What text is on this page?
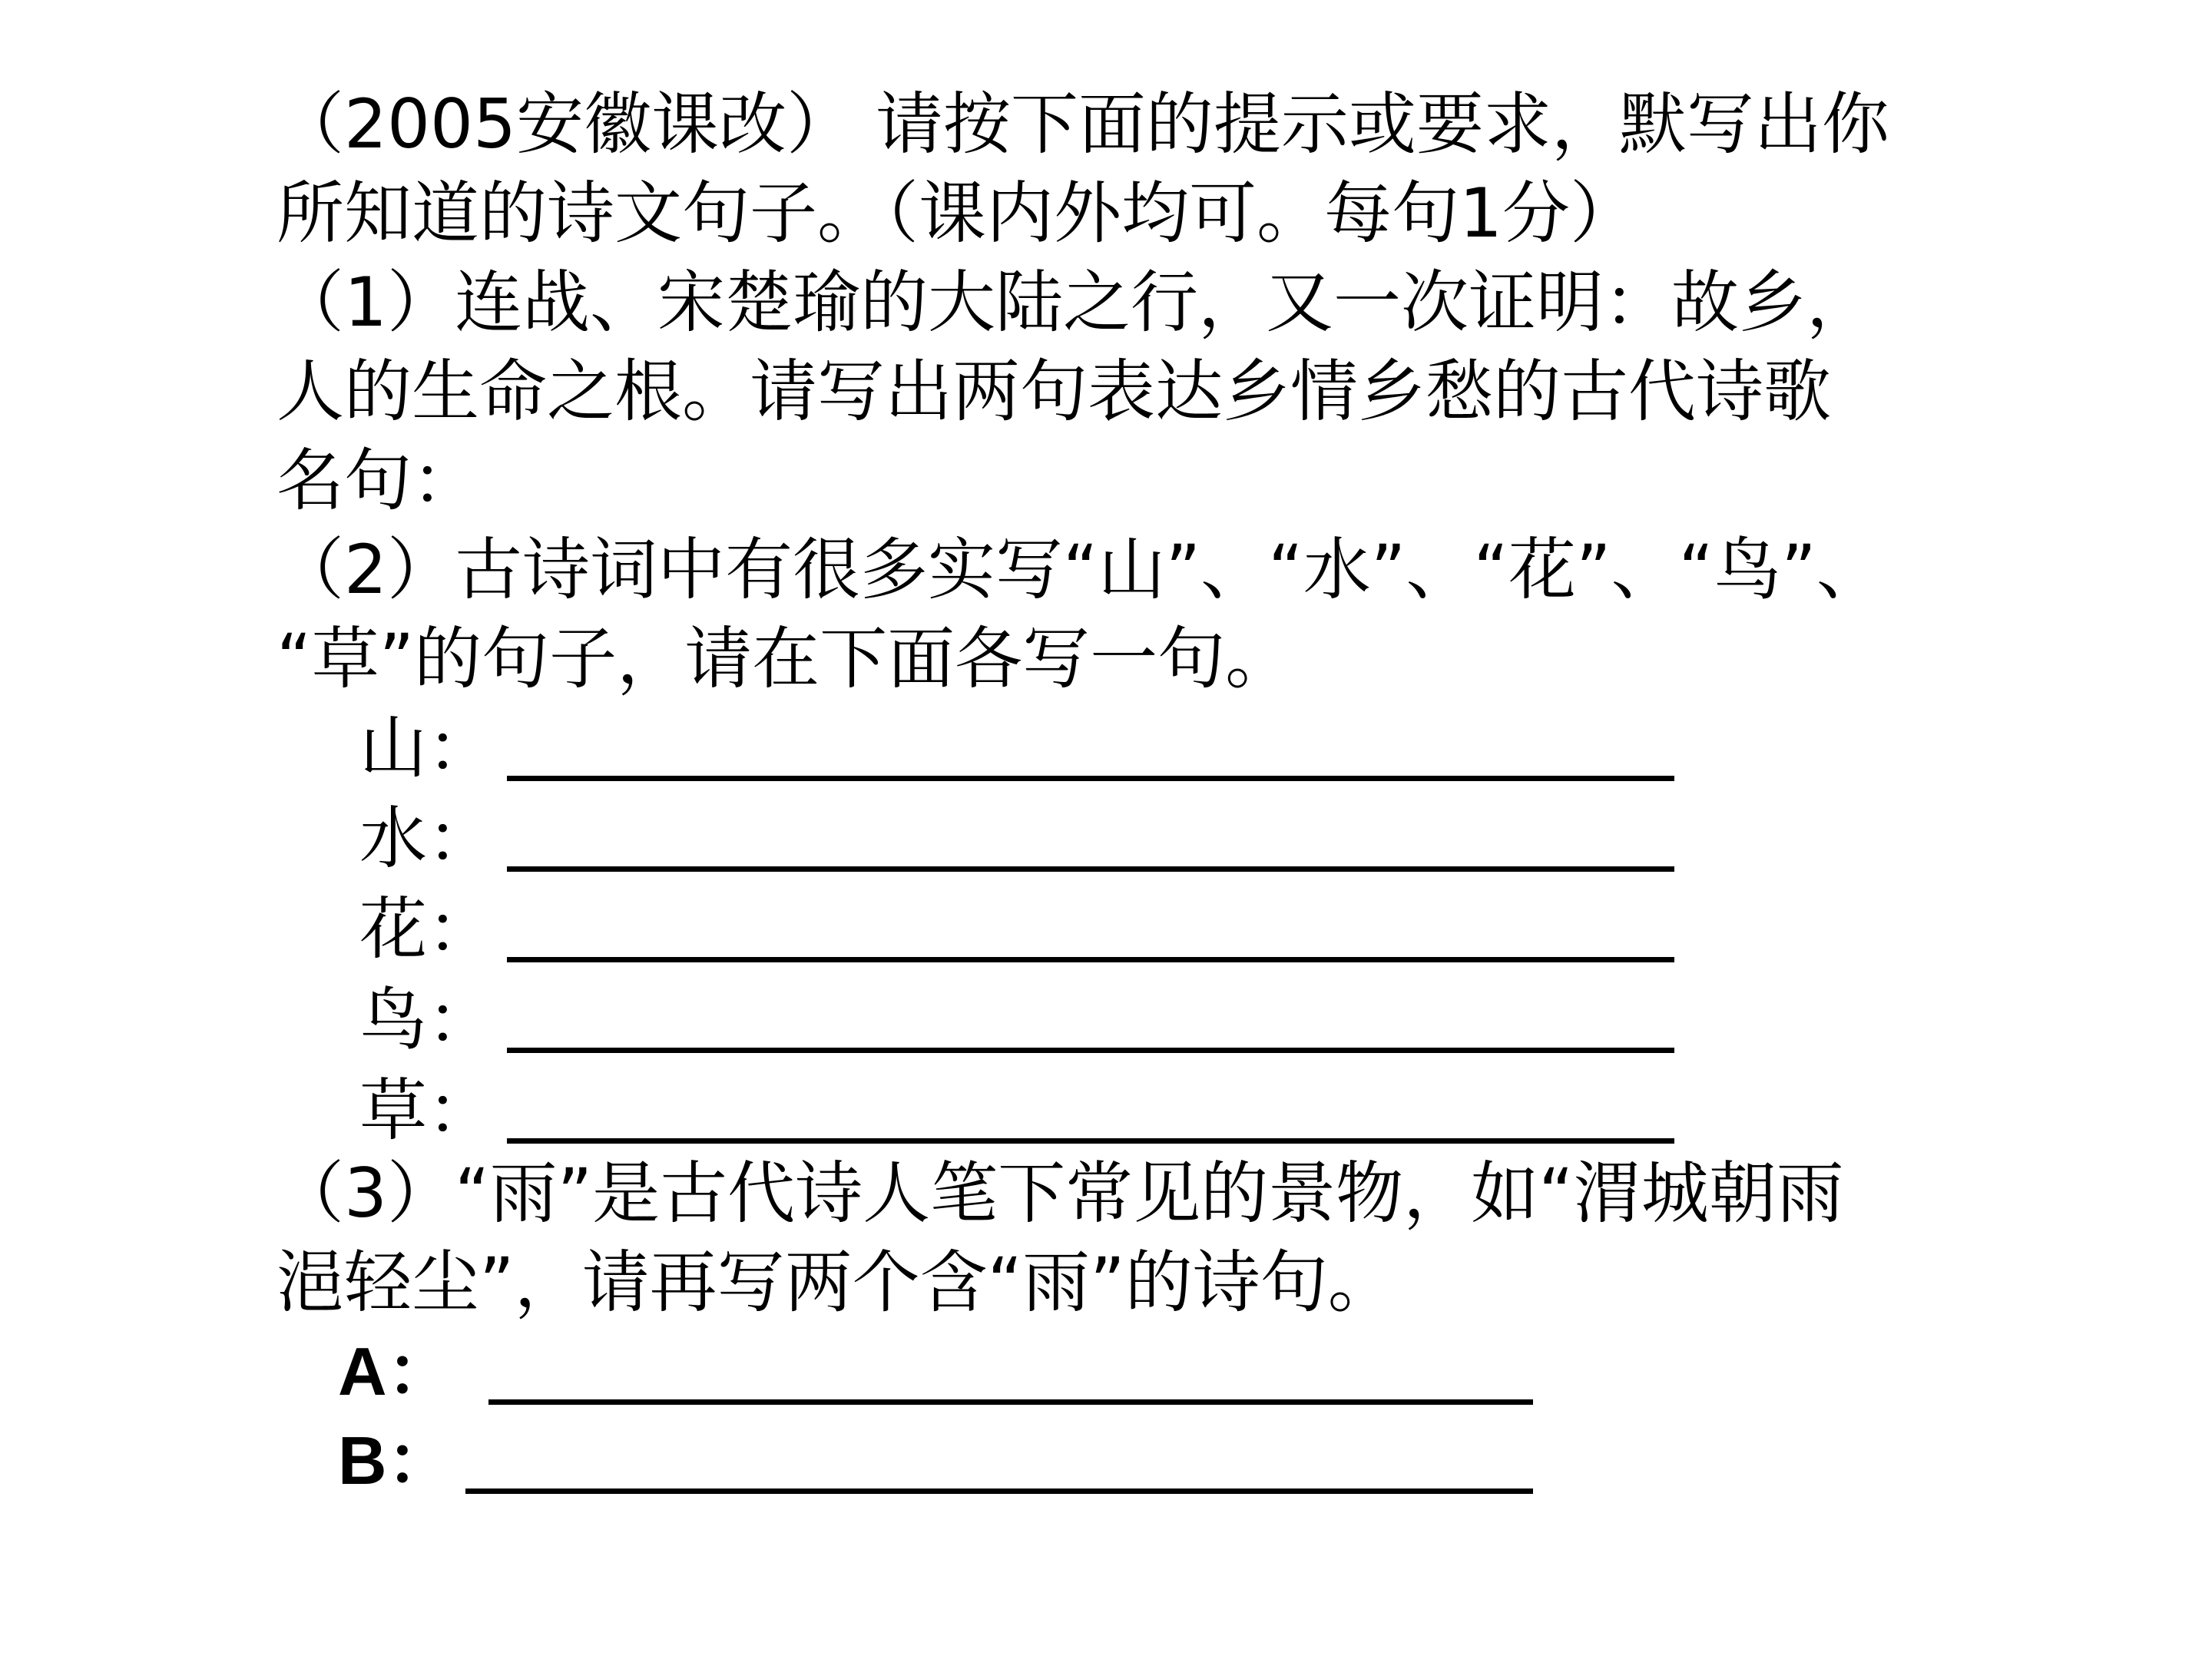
（2005安徽课改） 请按下面的提示或要求，默写出你
所知道的诗文句子。（课内外均可。每句1分）
（1）连战、宋楚瑜的大陆之行，又一次证明：故乡，
人的生命之根。请写出两句表达乡情乡愁的古代诗歌
名句：
（2）古诗词中有很多实写“山”、“水”、“花”、“鸟”、
“草”的句子，请在下面各写一句。
山：
水：
花：
鸟：
草：
（3）“雨”是古代诗人笔下常见的景物，如“渭城朝雨
浥轻尘”，请再写两个含“雨”的诗句。
A：
B：
